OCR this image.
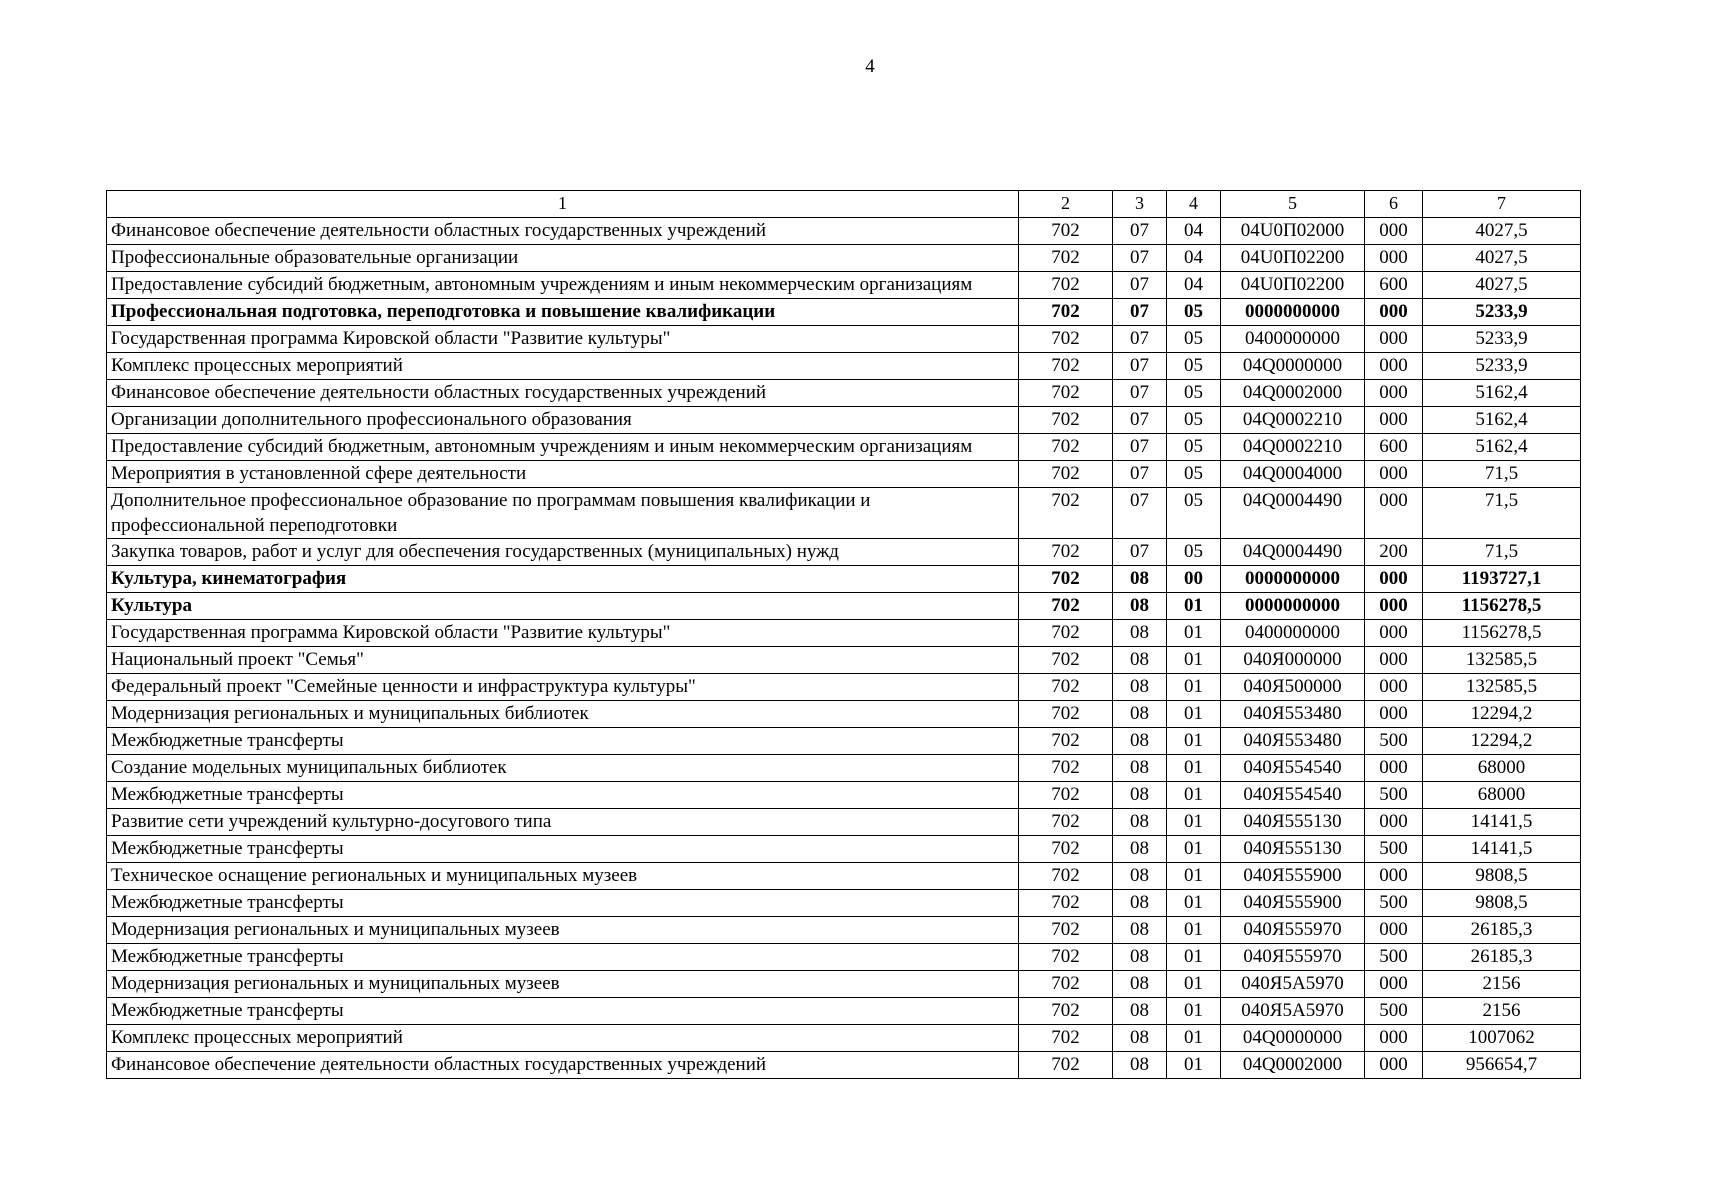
4
1	2	3	4	5	6	7
Финансовое обеспечение деятельности областных государственных учреждений	702	07	04	04U0П02000	000	4027,5
Профессиональные образовательные организации	702	07	04	04U0П02200	000	4027,5
Предоставление субсидий бюджетным, автономным учреждениям и иным некоммерческим организациям	702	07	04	04U0П02200	600	4027,5
Профессиональная подготовка, переподготовка и повышение квалификации	702	07	05	0000000000	000	5233,9
Государственная программа Кировской области "Развитие культуры"	702	07	05	0400000000	000	5233,9
Комплекс процессных мероприятий	702	07	05	04Q0000000	000	5233,9
Финансовое обеспечение деятельности областных государственных учреждений	702	07	05	04Q0002000	000	5162,4
Организации дополнительного профессионального образования	702	07	05	04Q0002210	000	5162,4
Предоставление субсидий бюджетным, автономным учреждениям и иным некоммерческим организациям	702	07	05	04Q0002210	600	5162,4
Мероприятия в установленной сфере деятельности	702	07	05	04Q0004000	000	71,5
Дополнительное профессиональное образование по программам повышения квалификации и профессиональной переподготовки	702	07	05	04Q0004490	000	71,5
Закупка товаров, работ и услуг для обеспечения государственных (муниципальных) нужд	702	07	05	04Q0004490	200	71,5
Культура, кинематография	702	08	00	0000000000	000	1193727,1
Культура	702	08	01	0000000000	000	1156278,5
Государственная программа Кировской области "Развитие культуры"	702	08	01	0400000000	000	1156278,5
Национальный проект "Семья"	702	08	01	040Я000000	000	132585,5
Федеральный проект "Семейные ценности и инфраструктура культуры"	702	08	01	040Я500000	000	132585,5
Модернизация региональных и муниципальных библиотек	702	08	01	040Я553480	000	12294,2
Межбюджетные трансферты	702	08	01	040Я553480	500	12294,2
Создание модельных муниципальных библиотек	702	08	01	040Я554540	000	68000
Межбюджетные трансферты	702	08	01	040Я554540	500	68000
Развитие сети учреждений культурно-досугового типа	702	08	01	040Я555130	000	14141,5
Межбюджетные трансферты	702	08	01	040Я555130	500	14141,5
Техническое оснащение региональных и муниципальных музеев	702	08	01	040Я555900	000	9808,5
Межбюджетные трансферты	702	08	01	040Я555900	500	9808,5
Модернизация региональных и муниципальных музеев	702	08	01	040Я555970	000	26185,3
Межбюджетные трансферты	702	08	01	040Я555970	500	26185,3
Модернизация региональных и муниципальных музеев	702	08	01	040Я5А5970	000	2156
Межбюджетные трансферты	702	08	01	040Я5А5970	500	2156
Комплекс процессных мероприятий	702	08	01	04Q0000000	000	1007062
Финансовое обеспечение деятельности областных государственных учреждений	702	08	01	04Q0002000	000	956654,7
